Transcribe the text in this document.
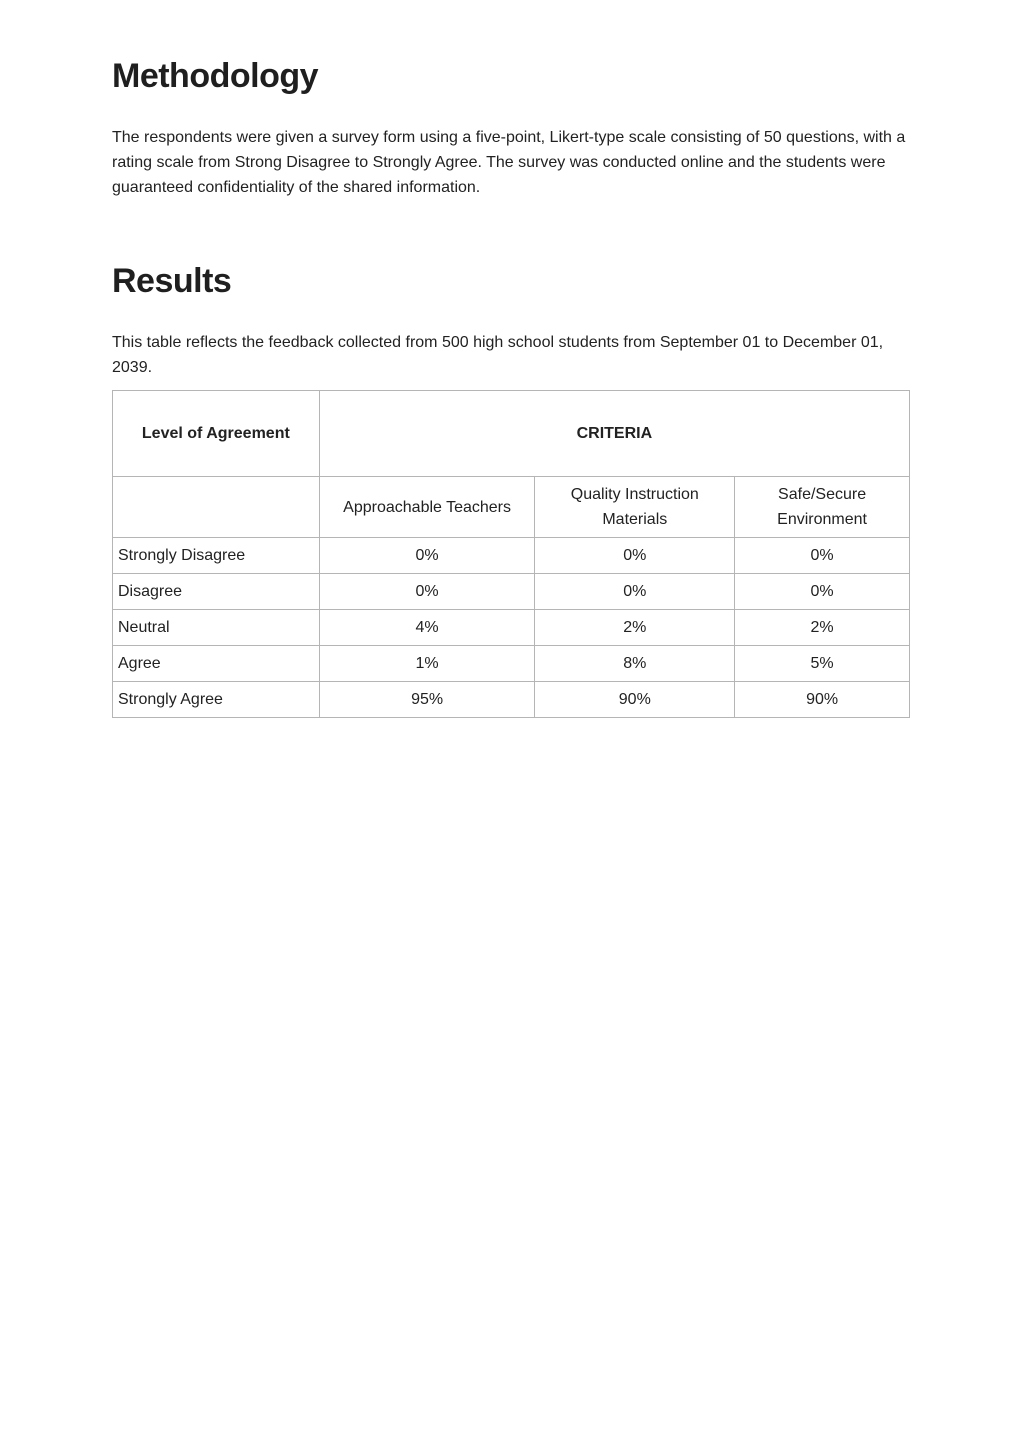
Methodology

The respondents were given a survey form using a five-point, Likert-type scale consisting of 50 questions, with a rating scale from Strong Disagree to Strongly Agree. The survey was conducted online and the students were guaranteed confidentiality of the shared information.

Results

This table reflects the feedback collected from 500 high school students from September 01 to December 01, 2039.

Level of Agreement	CRITERIA		
	Approachable Teachers	Quality Instruction Materials	Safe/Secure Environment
Strongly Disagree	0%	0%	0%
Disagree	0%	0%	0%
Neutral	4%	2%	2%
Agree	1%	8%	5%
Strongly Agree	95%	90%	90%
